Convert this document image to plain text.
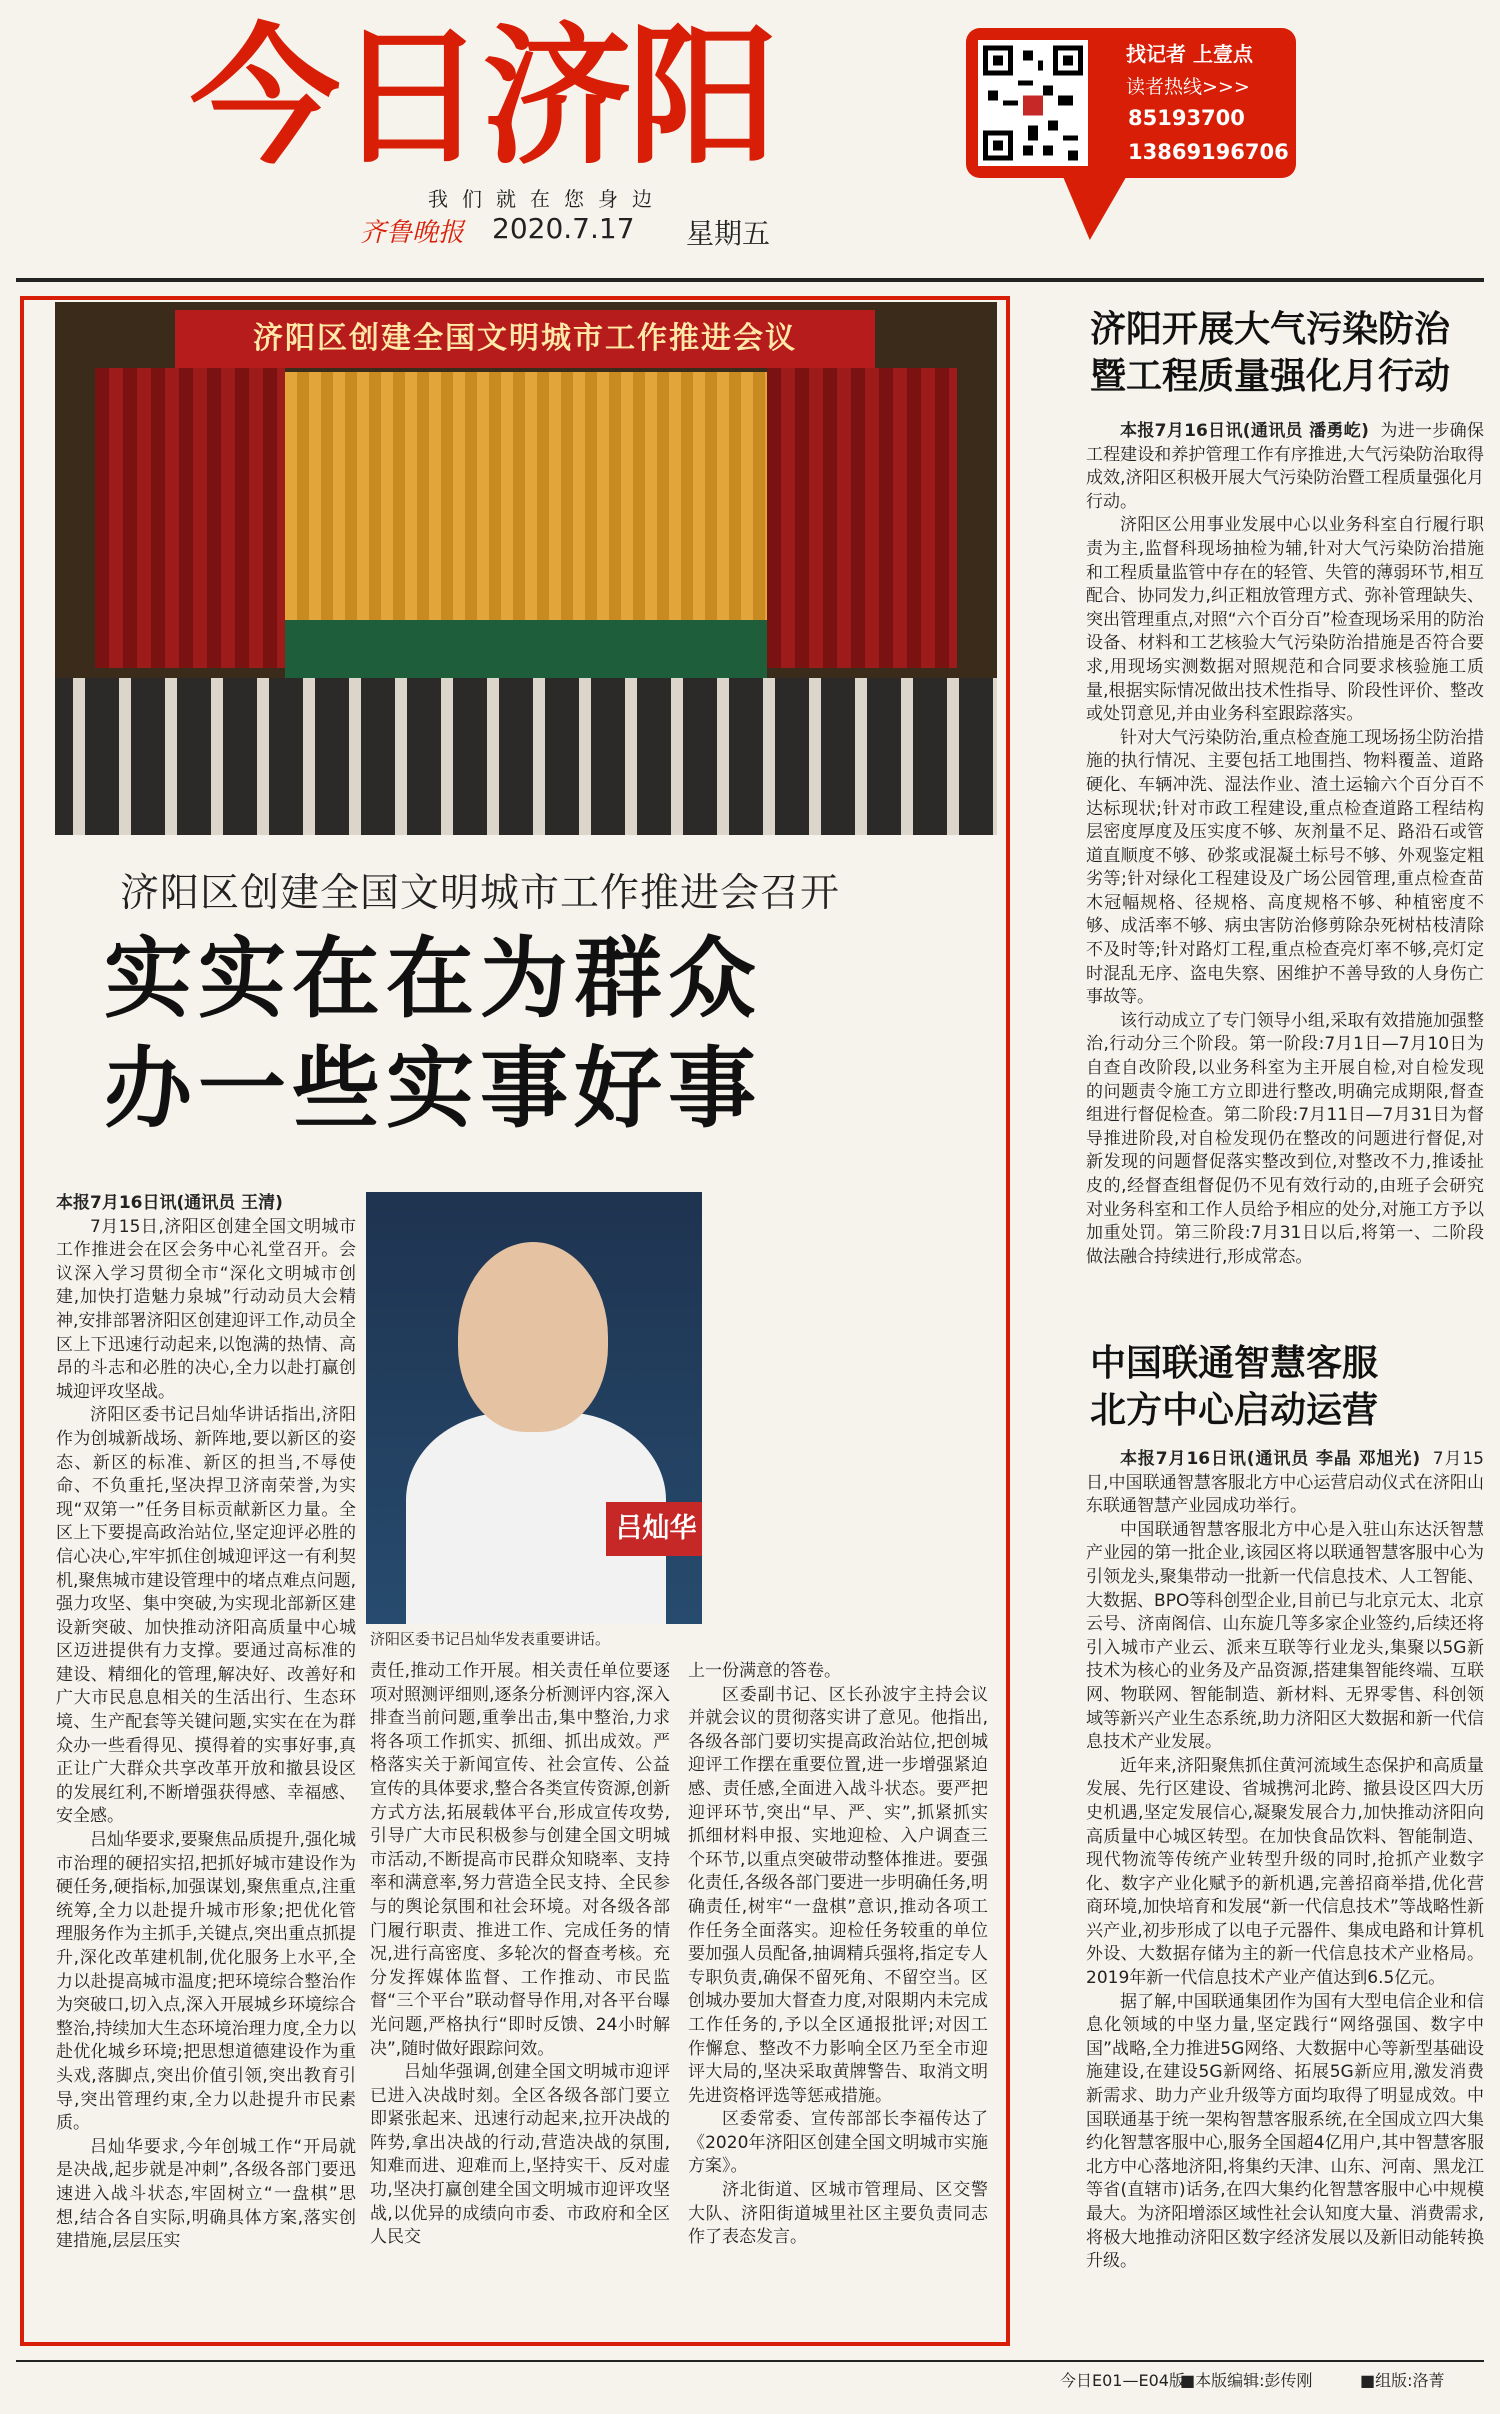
今日济阳
我们就在您身边
齐鲁晚报 2020.7.17 星期五
找记者 上壹点
读者热线>>>
85193700
13869196706
济阳区创建全国文明城市工作推进会议
济阳区创建全国文明城市工作推进会召开
实实在在为群众
办一些实事好事

本报7月16日讯(通讯员 王清)

7月15日,济阳区创建全国文明城市工作推进会在区会务中心礼堂召开。会议深入学习贯彻全市“深化文明城市创建,加快打造魅力泉城”行动动员大会精神,安排部署济阳区创建迎评工作,动员全区上下迅速行动起来,以饱满的热情、高昂的斗志和必胜的决心,全力以赴打赢创城迎评攻坚战。

济阳区委书记吕灿华讲话指出,济阳作为创城新战场、新阵地,要以新区的姿态、新区的标准、新区的担当,不辱使命、不负重托,坚决捍卫济南荣誉,为实现“双第一”任务目标贡献新区力量。全区上下要提高政治站位,坚定迎评必胜的信心决心,牢牢抓住创城迎评这一有利契机,聚焦城市建设管理中的堵点难点问题,强力攻坚、集中突破,为实现北部新区建设新突破、加快推动济阳高质量中心城区迈进提供有力支撑。要通过高标准的建设、精细化的管理,解决好、改善好和广大市民息息相关的生活出行、生态环境、生产配套等关键问题,实实在在为群众办一些看得见、摸得着的实事好事,真正让广大群众共享改革开放和撤县设区的发展红利,不断增强获得感、幸福感、安全感。

吕灿华要求,要聚焦品质提升,强化城市治理的硬招实招,把抓好城市建设作为硬任务,硬指标,加强谋划,聚焦重点,注重统筹,全力以赴提升城市形象;把优化管理服务作为主抓手,关键点,突出重点抓提升,深化改革建机制,优化服务上水平,全力以赴提高城市温度;把环境综合整治作为突破口,切入点,深入开展城乡环境综合整治,持续加大生态环境治理力度,全力以赴优化城乡环境;把思想道德建设作为重头戏,落脚点,突出价值引领,突出教育引导,突出管理约束,全力以赴提升市民素质。

吕灿华要求,今年创城工作“开局就是决战,起步就是冲刺”,各级各部门要迅速进入战斗状态,牢固树立“一盘棋”思想,结合各自实际,明确具体方案,落实创建措施,层层压实

吕灿华
济阳区委书记吕灿华发表重要讲话。

责任,推动工作开展。相关责任单位要逐项对照测评细则,逐条分析测评内容,深入排查当前问题,重拳出击,集中整治,力求将各项工作抓实、抓细、抓出成效。严格落实关于新闻宣传、社会宣传、公益宣传的具体要求,整合各类宣传资源,创新方式方法,拓展载体平台,形成宣传攻势,引导广大市民积极参与创建全国文明城市活动,不断提高市民群众知晓率、支持率和满意率,努力营造全民支持、全民参与的舆论氛围和社会环境。对各级各部门履行职责、推进工作、完成任务的情况,进行高密度、多轮次的督查考核。充分发挥媒体监督、工作推动、市民监督“三个平台”联动督导作用,对各平台曝光问题,严格执行“即时反馈、24小时解决”,随时做好跟踪问效。

吕灿华强调,创建全国文明城市迎评已进入决战时刻。全区各级各部门要立即紧张起来、迅速行动起来,拉开决战的阵势,拿出决战的行动,营造决战的氛围,知难而进、迎难而上,坚持实干、反对虚功,坚决打赢创建全国文明城市迎评攻坚战,以优异的成绩向市委、市政府和全区人民交

上一份满意的答卷。

区委副书记、区长孙波宇主持会议并就会议的贯彻落实讲了意见。他指出,各级各部门要切实提高政治站位,把创城迎评工作摆在重要位置,进一步增强紧迫感、责任感,全面进入战斗状态。要严把迎评环节,突出“早、严、实”,抓紧抓实抓细材料申报、实地迎检、入户调查三个环节,以重点突破带动整体推进。要强化责任,各级各部门要进一步明确任务,明确责任,树牢“一盘棋”意识,推动各项工作任务全面落实。迎检任务较重的单位要加强人员配备,抽调精兵强将,指定专人专职负责,确保不留死角、不留空当。区创城办要加大督查力度,对限期内未完成工作任务的,予以全区通报批评;对因工作懈怠、整改不力影响全区乃至全市迎评大局的,坚决采取黄牌警告、取消文明先进资格评选等惩戒措施。

区委常委、宣传部部长李福传达了《2020年济阳区创建全国文明城市实施方案》。

济北街道、区城市管理局、区交警大队、济阳街道城里社区主要负责同志作了表态发言。

济阳开展大气污染防治
暨工程质量强化月行动

本报7月16日讯(通讯员 潘勇屹) 为进一步确保工程建设和养护管理工作有序推进,大气污染防治取得成效,济阳区积极开展大气污染防治暨工程质量强化月行动。

济阳区公用事业发展中心以业务科室自行履行职责为主,监督科现场抽检为辅,针对大气污染防治措施和工程质量监管中存在的轻管、失管的薄弱环节,相互配合、协同发力,纠正粗放管理方式、弥补管理缺失、突出管理重点,对照“六个百分百”检查现场采用的防治设备、材料和工艺核验大气污染防治措施是否符合要求,用现场实测数据对照规范和合同要求核验施工质量,根据实际情况做出技术性指导、阶段性评价、整改或处罚意见,并由业务科室跟踪落实。

针对大气污染防治,重点检查施工现场扬尘防治措施的执行情况、主要包括工地围挡、物料覆盖、道路硬化、车辆冲洗、湿法作业、渣土运输六个百分百不达标现状;针对市政工程建设,重点检查道路工程结构层密度厚度及压实度不够、灰剂量不足、路沿石或管道直顺度不够、砂浆或混凝土标号不够、外观鉴定粗劣等;针对绿化工程建设及广场公园管理,重点检查苗木冠幅规格、径规格、高度规格不够、种植密度不够、成活率不够、病虫害防治修剪除杂死树枯枝清除不及时等;针对路灯工程,重点检查亮灯率不够,亮灯定时混乱无序、盗电失察、困维护不善导致的人身伤亡事故等。

该行动成立了专门领导小组,采取有效措施加强整治,行动分三个阶段。第一阶段:7月1日—7月10日为自查自改阶段,以业务科室为主开展自检,对自检发现的问题责令施工方立即进行整改,明确完成期限,督查组进行督促检查。第二阶段:7月11日—7月31日为督导推进阶段,对自检发现仍在整改的问题进行督促,对新发现的问题督促落实整改到位,对整改不力,推诿扯皮的,经督查组督促仍不见有效行动的,由班子会研究对业务科室和工作人员给予相应的处分,对施工方予以加重处罚。第三阶段:7月31日以后,将第一、二阶段做法融合持续进行,形成常态。

中国联通智慧客服
北方中心启动运营

本报7月16日讯(通讯员 李晶 邓旭光) 7月15日,中国联通智慧客服北方中心运营启动仪式在济阳山东联通智慧产业园成功举行。

中国联通智慧客服北方中心是入驻山东达沃智慧产业园的第一批企业,该园区将以联通智慧客服中心为引领龙头,聚集带动一批新一代信息技术、人工智能、大数据、BPO等科创型企业,目前已与北京元太、北京云号、济南阁信、山东旋几等多家企业签约,后续还将引入城市产业云、派来互联等行业龙头,集聚以5G新技术为核心的业务及产品资源,搭建集智能终端、互联网、物联网、智能制造、新材料、无界零售、科创领域等新兴产业生态系统,助力济阳区大数据和新一代信息技术产业发展。

近年来,济阳聚焦抓住黄河流域生态保护和高质量发展、先行区建设、省城携河北跨、撤县设区四大历史机遇,坚定发展信心,凝聚发展合力,加快推动济阳向高质量中心城区转型。在加快食品饮料、智能制造、现代物流等传统产业转型升级的同时,抢抓产业数字化、数字产业化赋予的新机遇,完善招商举措,优化营商环境,加快培育和发展“新一代信息技术”等战略性新兴产业,初步形成了以电子元器件、集成电路和计算机外设、大数据存储为主的新一代信息技术产业格局。2019年新一代信息技术产业产值达到6.5亿元。

据了解,中国联通集团作为国有大型电信企业和信息化领域的中坚力量,坚定践行“网络强国、数字中国”战略,全力推进5G网络、大数据中心等新型基础设施建设,在建设5G新网络、拓展5G新应用,激发消费新需求、助力产业升级等方面均取得了明显成效。中国联通基于统一架构智慧客服系统,在全国成立四大集约化智慧客服中心,服务全国超4亿用户,其中智慧客服北方中心落地济阳,将集约天津、山东、河南、黑龙江等省(直辖市)话务,在四大集约化智慧客服中心中规模最大。为济阳增添区域性社会认知度大量、消费需求,将极大地推动济阳区数字经济发展以及新旧动能转换升级。

今日E01—E04版
■本版编辑:彭传刚	■组版:洛菁
